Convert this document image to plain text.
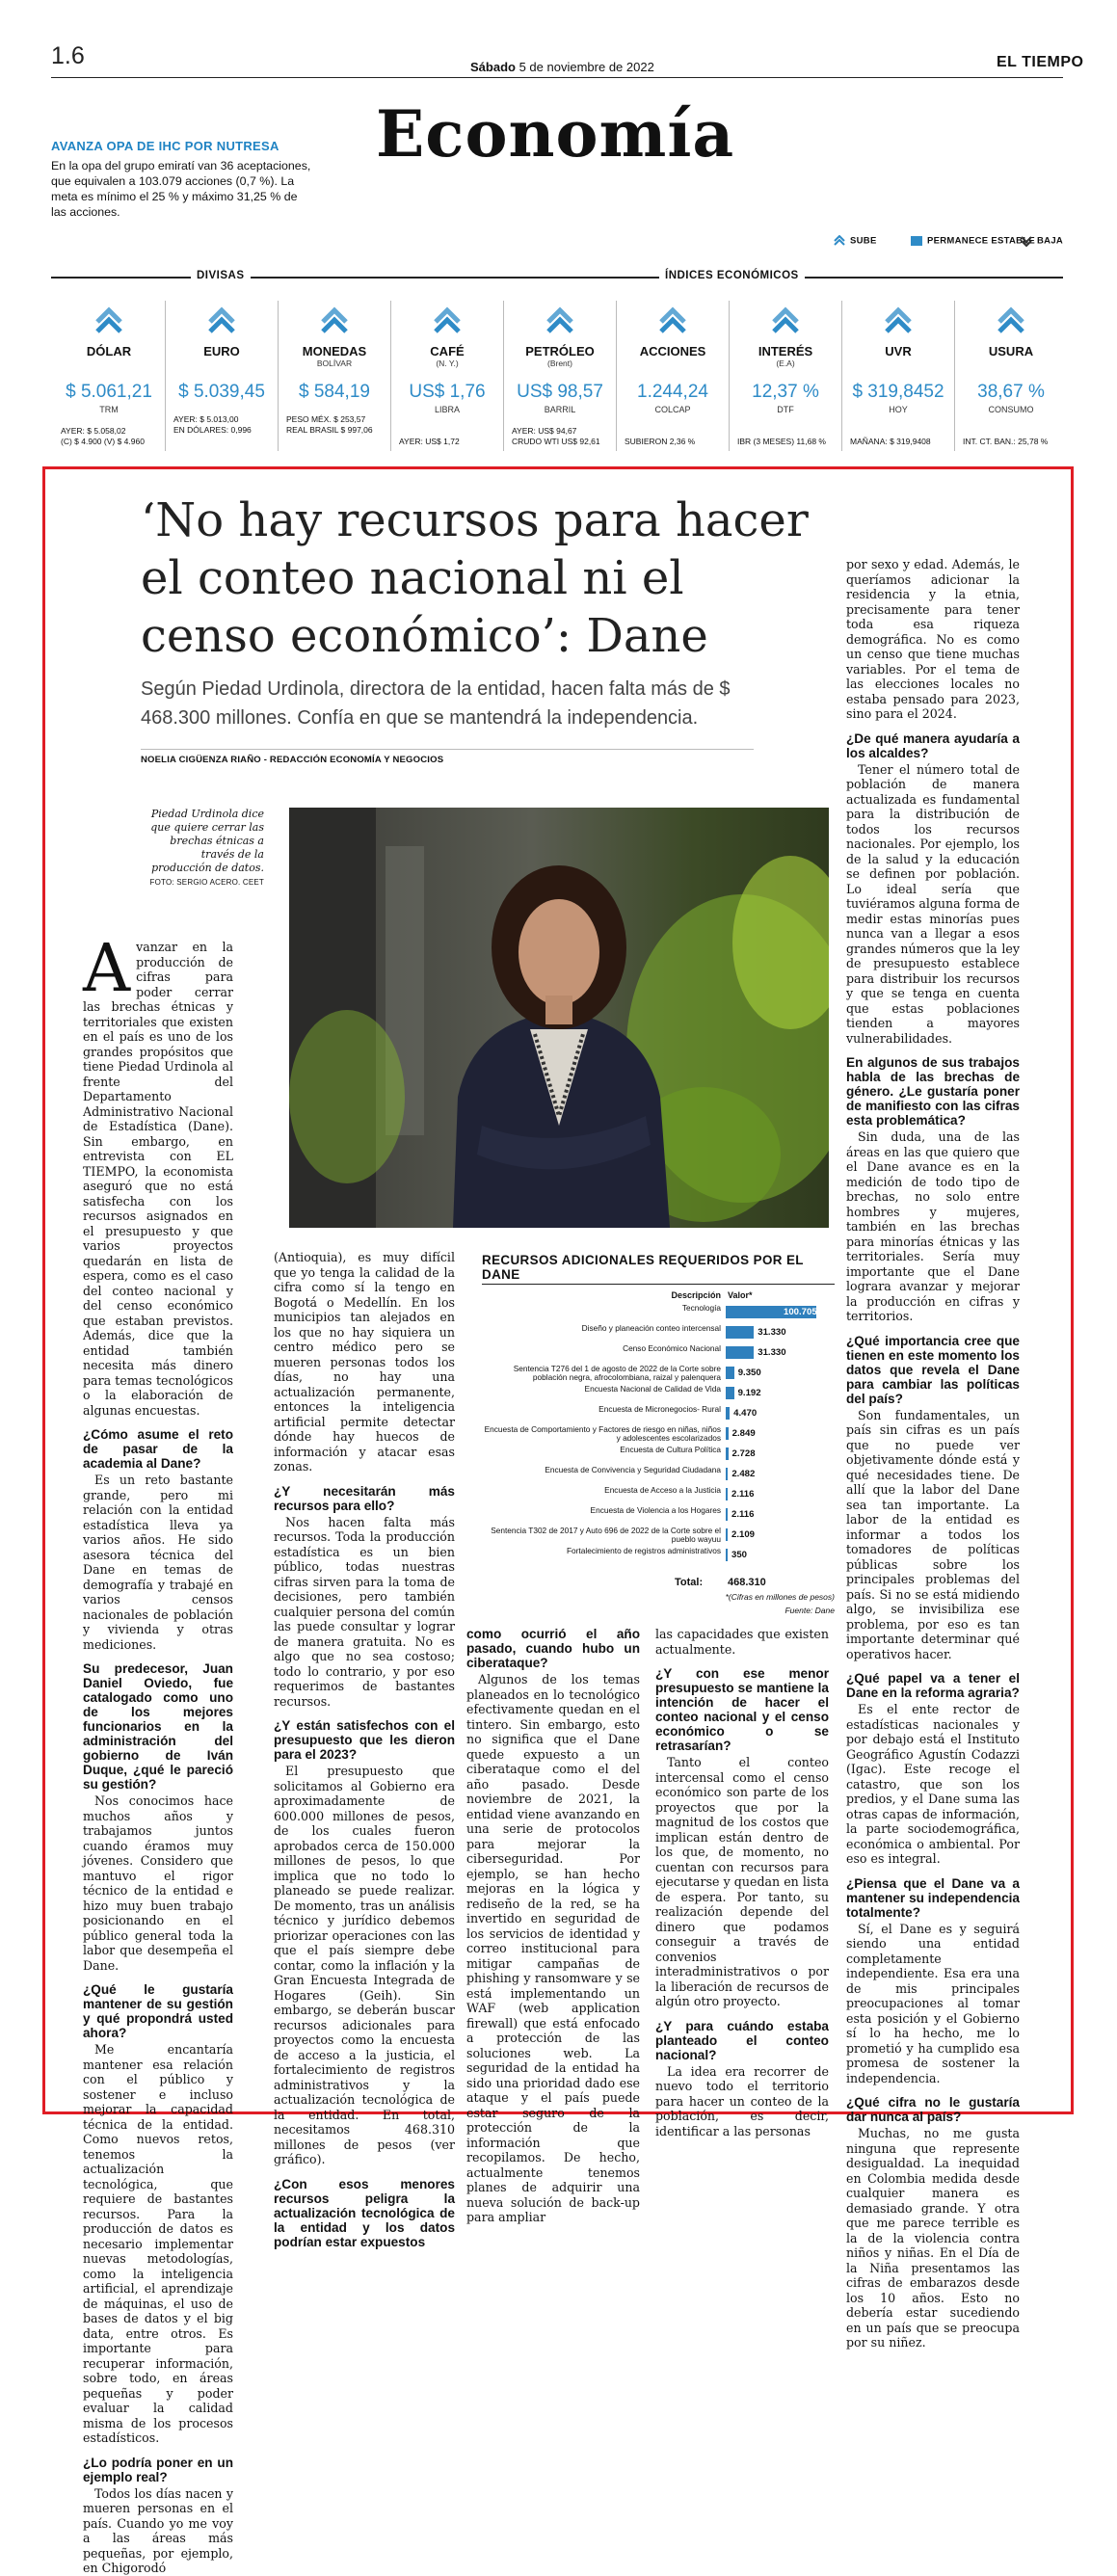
1.6	Sábado 5 de noviembre de 2022	EL TIEMPO
Economía
AVANZA OPA DE IHC POR NUTRESA
En la opa del grupo emiratí van 36 aceptaciones, que equivalen a 103.079 acciones (0,7 %). La meta es mínimo el 25 % y máximo 31,25 % de las acciones.
SUBE	PERMANECE ESTABLE BAJA
DIVISAS	ÍNDICES ECONÓMICOS
DÓLAR
$ 5.061,21
TRM
AYER: $ 5.058,02
(C) $ 4.900 (V) $ 4.960
EURO
$ 5.039,45
AYER: $ 5.013,00
EN DÓLARES: 0,996
MONEDAS
BOLÍVAR
$ 584,19
PESO MÉX. $ 253,57
REAL BRASIL $ 997,06
CAFÉ
(N. Y.)
US$ 1,76
LIBRA

AYER: US$ 1,72
PETRÓLEO
(Brent)
US$ 98,57
BARRIL
AYER: US$ 94,67
CRUDO WTI US$ 92,61
ACCIONES
1.244,24
COLCAP

SUBIERON 2,36 %
INTERÉS
(E.A)
12,37 %
DTF

IBR (3 MESES) 11,68 %
UVR
$ 319,8452
HOY

MAÑANA: $ 319,9408
USURA
38,67 %
CONSUMO

INT. CT. BAN.: 25,78 %
‘No hay recursos para hacer el conteo nacional ni el censo económico’: Dane
Según Piedad Urdinola, directora de la entidad, hacen falta más de $ 468.300 millones. Confía en que se mantendrá la independencia.
NOELIA CIGÜENZA RIAÑO - REDACCIÓN ECONOMÍA Y NEGOCIOS
Piedad Urdinola dice que quiere cerrar las brechas étnicas a través de la producción de datos.
FOTO: SERGIO ACERO. CEET

Avanzar en la producción de cifras para poder cerrar las brechas étnicas y territoriales que existen en el país es uno de los grandes propósitos que tiene Piedad Urdinola al frente del Departamento Administrativo Nacional de Estadística (Dane). Sin embargo, en entrevista con EL TIEMPO, la economista aseguró que no está satisfecha con los recursos asignados en el presupuesto y que varios proyectos quedarán en lista de espera, como es el caso del conteo nacional y del censo económico que estaban previstos. Además, dice que la entidad también necesita más dinero para temas tecnológicos o la elaboración de algunas encuestas.

¿Cómo asume el reto de pasar de la academia al Dane?

Es un reto bastante grande, pero mi relación con la entidad estadística lleva ya varios años. He sido asesora técnica del Dane en temas de demografía y trabajé en varios censos nacionales de población y vivienda y otras mediciones.

Su predecesor, Juan Daniel Oviedo, fue catalogado como uno de los mejores funcionarios en la administración del gobierno de Iván Duque, ¿qué le pareció su gestión?

Nos conocimos hace muchos años y trabajamos juntos cuando éramos muy jóvenes. Considero que mantuvo el rigor técnico de la entidad e hizo muy buen trabajo posicionando en el público general toda la labor que desempeña el Dane.

¿Qué le gustaría mantener de su gestión y qué propondrá usted ahora?

Me encantaría mantener esa relación con el público y sostener e incluso mejorar la capacidad técnica de la entidad. Como nuevos retos, tenemos la actualización tecnológica, que requiere de bastantes recursos. Para la producción de datos es necesario implementar nuevas metodologías, como la inteligencia artificial, el aprendizaje de máquinas, el uso de bases de datos y el big data, entre otros. Es importante para recuperar información, sobre todo, en áreas pequeñas y poder evaluar la calidad misma de los procesos estadísticos.

¿Lo podría poner en un ejemplo real?

Todos los días nacen y mueren personas en el país. Cuando yo me voy a las áreas más pequeñas, por ejemplo, en Chigorodó

(Antioquia), es muy difícil que yo tenga la calidad de la cifra como sí la tengo en Bogotá o Medellín. En los municipios tan alejados en los que no hay siquiera un centro médico pero se mueren personas todos los días, no hay una actualización permanente, entonces la inteligencia artificial permite detectar dónde hay huecos de información y atacar esas zonas.

¿Y necesitarán más recursos para ello?

Nos hacen falta más recursos. Toda la producción estadística es un bien público, todas nuestras cifras sirven para la toma de decisiones, pero también cualquier persona del común las puede consultar y lograr de manera gratuita. No es algo que no sea costoso; todo lo contrario, y por eso requerimos de bastantes recursos.

¿Y están satisfechos con el presupuesto que les dieron para el 2023?

El presupuesto que solicitamos al Gobierno era aproximadamente de 600.000 millones de pesos, de los cuales fueron aprobados cerca de 150.000 millones de pesos, lo que implica que no todo lo planeado se puede realizar. De momento, tras un análisis técnico y jurídico debemos priorizar operaciones con las que el país siempre debe contar, como la inflación y la Gran Encuesta Integrada de Hogares (Geih). Sin embargo, se deberán buscar recursos adicionales para proyectos como la encuesta de acceso a la justicia, el fortalecimiento de registros administrativos y la actualización tecnológica de la entidad. En total, necesitamos 468.310 millones de pesos (ver gráfico).

¿Con esos menores recursos peligra la actualización tecnológica de la entidad y los datos podrían estar expuestos
como ocurrió el año pasado, cuando hubo un ciberataque?

Algunos de los temas planeados en lo tecnológico efectivamente quedan en el tintero. Sin embargo, esto no significa que el Dane quede expuesto a un ciberataque como el del año pasado. Desde noviembre de 2021, la entidad viene avanzando en una serie de protocolos para mejorar la ciberseguridad. Por ejemplo, se han hecho mejoras en la lógica y rediseño de la red, se ha invertido en seguridad de los servicios de identidad y correo institucional para mitigar campañas de phishing y ransomware y se está implementando un WAF (web application firewall) que está enfocado a protección de las soluciones web. La seguridad de la entidad ha sido una prioridad dado ese ataque y el país puede estar seguro de la protección de la información que recopilamos. De hecho, actualmente tenemos planes de adquirir una nueva solución de back-up para ampliar

las capacidades que existen actualmente.

¿Y con ese menor presupuesto se mantiene la intención de hacer el conteo nacional y el censo económico o se retrasarían?

Tanto el conteo intercensal como el censo económico son parte de los proyectos que por la magnitud de los costos que implican están dentro de los que, de momento, no cuentan con recursos para ejecutarse y quedan en lista de espera. Por tanto, su realización depende del dinero que podamos conseguir a través de convenios interadministrativos o por la liberación de recursos de algún otro proyecto.

¿Y para cuándo estaba planteado el conteo nacional?

La idea era recorrer de nuevo todo el territorio para hacer un conteo de la población, es decir, identificar a las personas

por sexo y edad. Además, le queríamos adicionar la residencia y la etnia, precisamente para tener toda esa riqueza demográfica. No es como un censo que tiene muchas variables. Por el tema de las elecciones locales no estaba pensado para 2023, sino para el 2024.

¿De qué manera ayudaría a los alcaldes?

Tener el número total de población de manera actualizada es fundamental para la distribución de todos los recursos nacionales. Por ejemplo, los de la salud y la educación se definen por población. Lo ideal sería que tuviéramos alguna forma de medir estas minorías pues nunca van a llegar a esos grandes números que la ley de presupuesto establece para distribuir los recursos y que se tenga en cuenta que estas poblaciones tienden a mayores vulnerabilidades.

En algunos de sus trabajos habla de las brechas de género. ¿Le gustaría poner de manifiesto con las cifras esta problemática?

Sin duda, una de las áreas en las que quiero que el Dane avance es en la medición de todo tipo de brechas, no solo entre hombres y mujeres, también en las brechas para minorías étnicas y las territoriales. Sería muy importante que el Dane lograra avanzar y mejorar la producción en cifras y territorios.

¿Qué importancia cree que tienen en este momento los datos que revela el Dane para cambiar las políticas del país?

Son fundamentales, un país sin cifras es un país que no puede ver objetivamente dónde está y qué necesidades tiene. De allí que la labor del Dane sea tan importante. La labor de la entidad es informar a todos los tomadores de políticas públicas sobre los principales problemas del país. Si no se está midiendo algo, se invisibiliza ese problema, por eso es tan importante determinar qué operativos hacer.

¿Qué papel va a tener el Dane en la reforma agraria?

Es el ente rector de estadísticas nacionales y por debajo está el Instituto Geográfico Agustín Codazzi (Igac). Este recoge el catastro, que son los predios, y el Dane suma las otras capas de información, la parte sociodemográfica, económica o ambiental. Por eso es integral.

¿Piensa que el Dane va a mantener su independencia totalmente?

Sí, el Dane es y seguirá siendo una entidad completamente independiente. Esa era una de mis principales preocupaciones al tomar esta posición y el Gobierno sí lo ha hecho, me lo prometió y ha cumplido esa promesa de sostener la independencia.

¿Qué cifra no le gustaría dar nunca al país?

Muchas, no me gusta ninguna que represente desigualdad. La inequidad en Colombia medida desde cualquier manera es demasiado grande. Y otra que me parece terrible es la de la violencia contra niños y niñas. En el Día de la Niña presentamos las cifras de embarazos desde los 10 años. Esto no debería estar sucediendo en un país que se preocupa por su niñez.

RECURSOS ADICIONALES REQUERIDOS POR EL DANE
Descripción Valor*
Tecnología	100.705
Diseño y planeación conteo intercensal	31.330
Censo Económico Nacional	31.330
Sentencia T276 del 1 de agosto de 2022 de la Corte sobre población negra, afrocolombiana, raizal y palenquera 9.350
Encuesta Nacional de Calidad de Vida 9.192
Encuesta de Micronegocios- Rural 4.470
Encuesta de Comportamiento y Factores de riesgo en niñas, niños y adolescentes escolarizados 2.849
Encuesta de Cultura Política 2.728
Encuesta de Convivencia y Seguridad Ciudadana 2.482
Encuesta de Acceso a la Justicia 2.116
Encuesta de Violencia a los Hogares 2.116
Sentencia T302 de 2017 y Auto 696 de 2022 de la Corte sobre el pueblo wayuu 2.109
Fortalecimiento de registros administrativos 350
Total: 468.310
*(Cifras en millones de pesos)
Fuente: Dane
